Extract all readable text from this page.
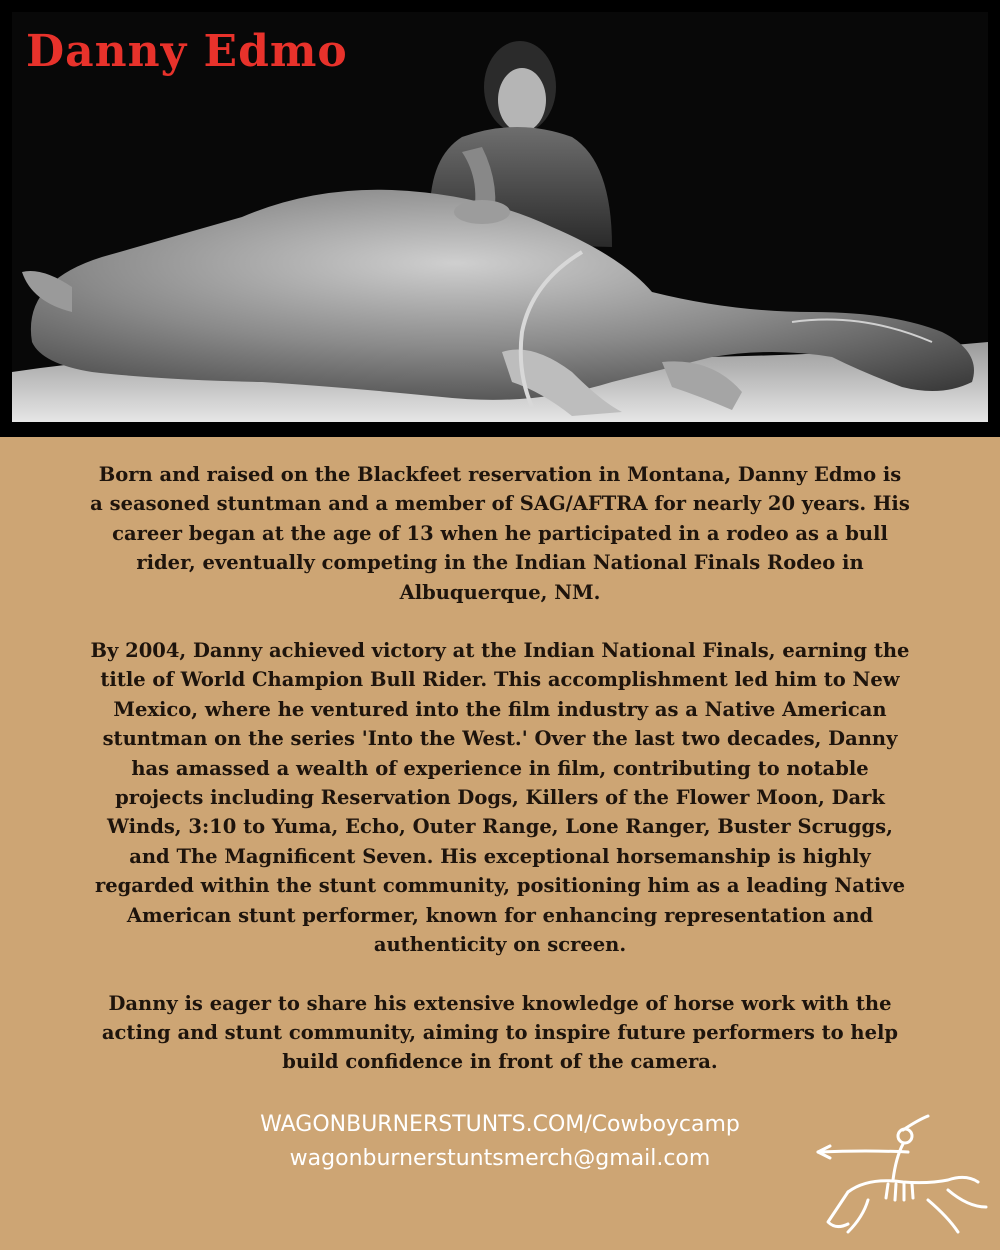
Danny Edmo

Born and raised on the Blackfeet reservation in Montana, Danny Edmo is a seasoned stuntman and a member of SAG/AFTRA for nearly 20 years. His career began at the age of 13 when he participated in a rodeo as a bull rider, eventually competing in the Indian National Finals Rodeo in Albuquerque, NM.

By 2004, Danny achieved victory at the Indian National Finals, earning the title of World Champion Bull Rider. This accomplishment led him to New Mexico, where he ventured into the film industry as a Native American stuntman on the series 'Into the West.' Over the last two decades, Danny has amassed a wealth of experience in film, contributing to notable projects including Reservation Dogs, Killers of the Flower Moon, Dark Winds, 3:10 to Yuma, Echo, Outer Range, Lone Ranger, Buster Scruggs, and The Magnificent Seven. His exceptional horsemanship is highly regarded within the stunt community, positioning him as a leading Native American stunt performer, known for enhancing representation and authenticity on screen.

Danny is eager to share his extensive knowledge of horse work with the acting and stunt community, aiming to inspire future performers to help build confidence in front of the camera.

WAGONBURNERSTUNTS.COM/Cowboycamp
wagonburnerstuntsmerch@gmail.com
